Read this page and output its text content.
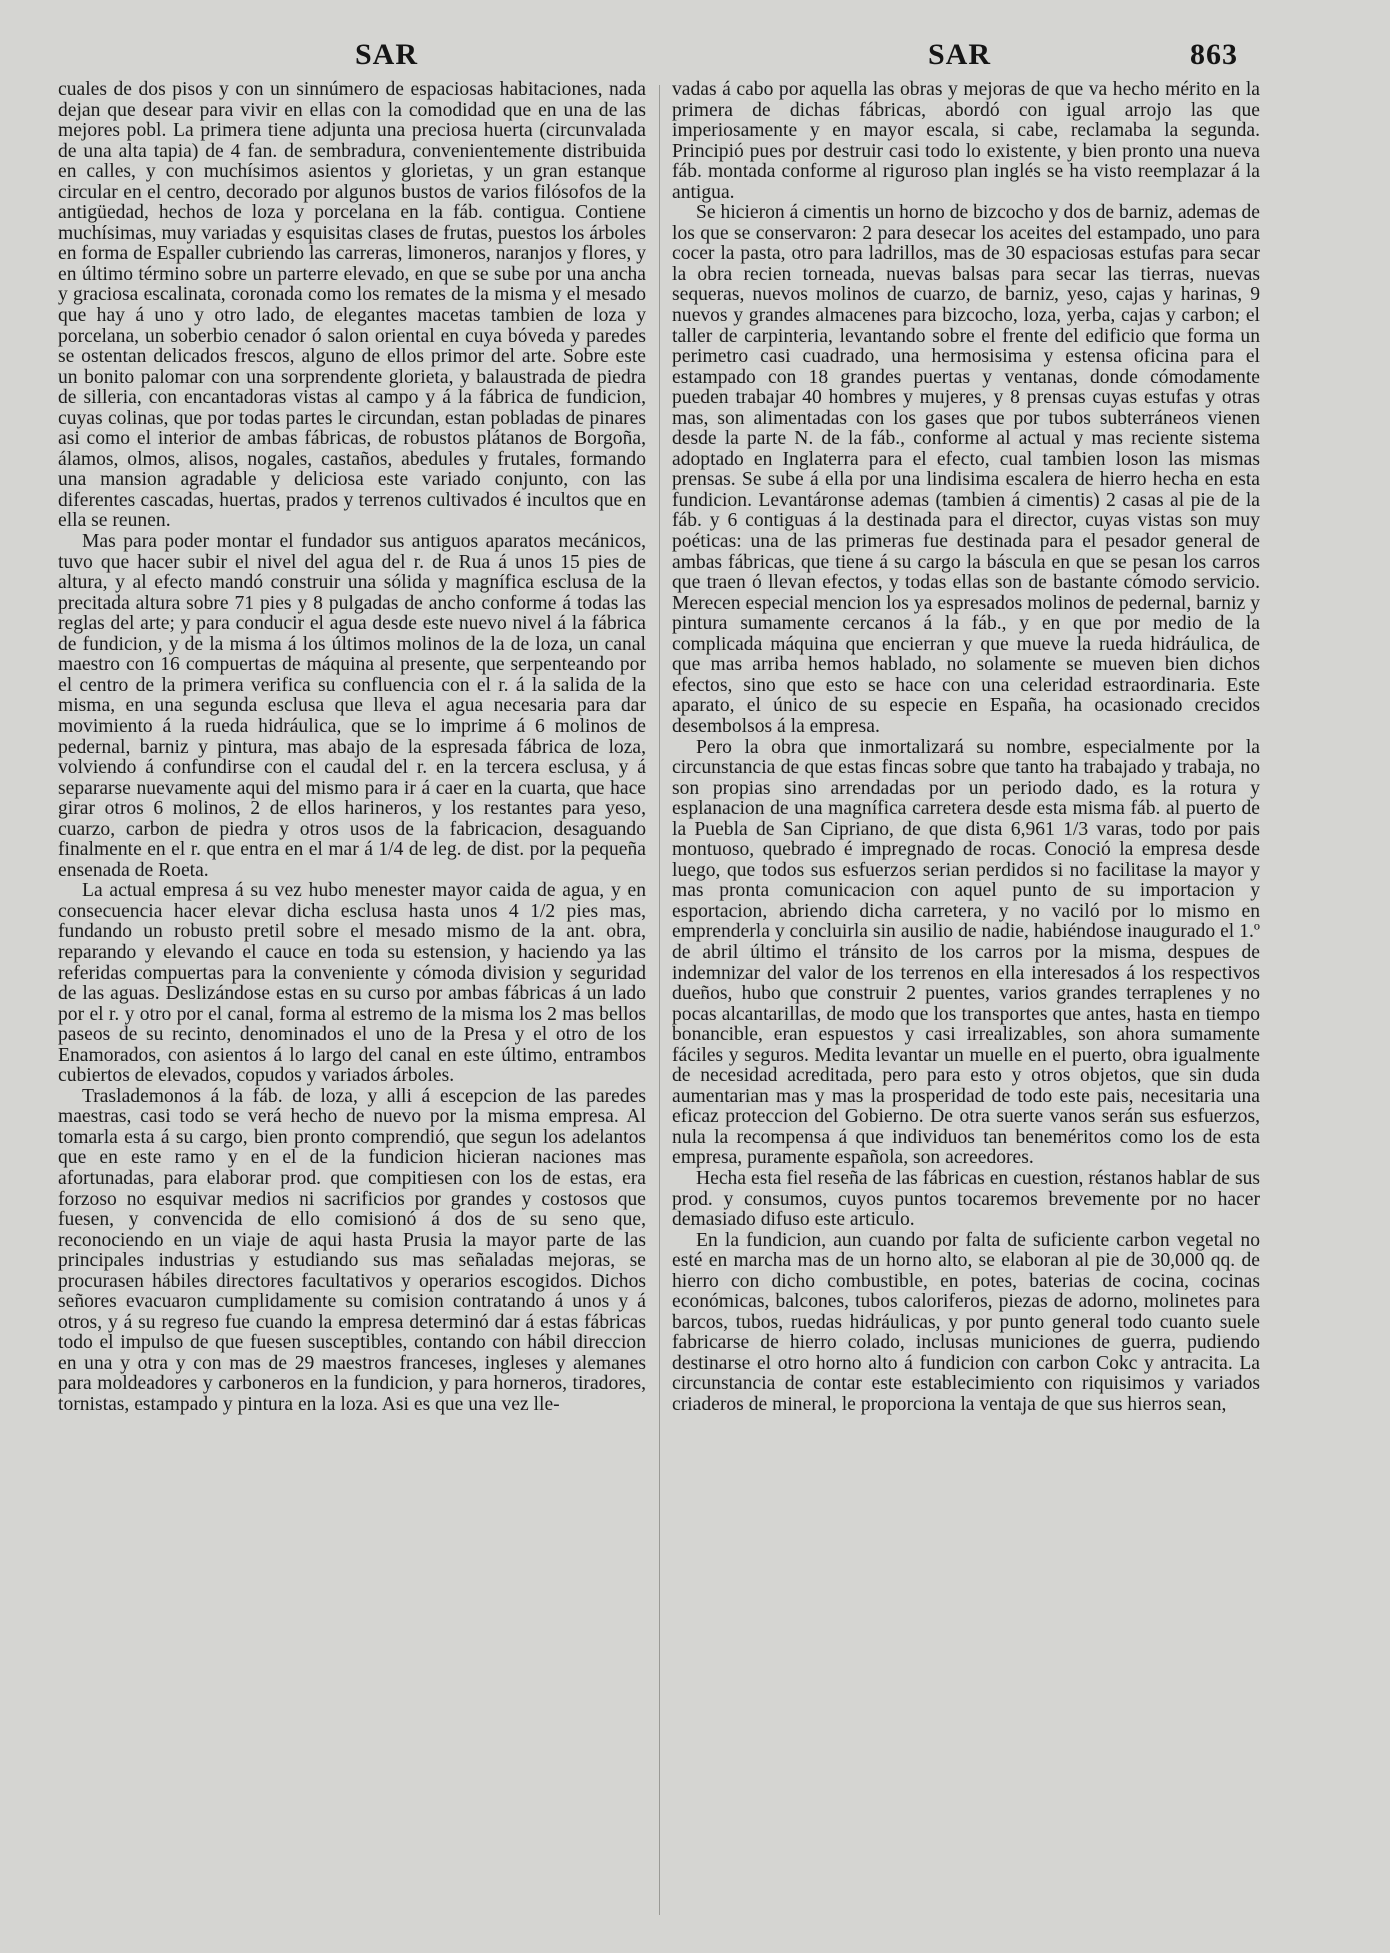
SAR	SAR	863

cuales de dos pisos y con un sinnúmero de espaciosas habitaciones, nada dejan que desear para vivir en ellas con la comodidad que en una de las mejores pobl. La primera tiene adjunta una preciosa huerta (circunvalada de una alta tapia) de 4 fan. de sembradura, convenientemente distribuida en calles, y con muchísimos asientos y glorietas, y un gran estanque circular en el centro, decorado por algunos bustos de varios filósofos de la antigüedad, hechos de loza y porcelana en la fáb. contigua. Contiene muchísimas, muy variadas y esquisitas clases de frutas, puestos los árboles en forma de Espaller cubriendo las carreras, limoneros, naranjos y flores, y en último término sobre un parterre elevado, en que se sube por una ancha y graciosa escalinata, coronada como los remates de la misma y el mesado que hay á uno y otro lado, de elegantes macetas tambien de loza y porcelana, un soberbio cenador ó salon oriental en cuya bóveda y paredes se ostentan delicados frescos, alguno de ellos primor del arte. Sobre este un bonito palomar con una sorprendente glorieta, y balaustrada de piedra de silleria, con encantadoras vistas al campo y á la fábrica de fundicion, cuyas colinas, que por todas partes le circundan, estan pobladas de pinares asi como el interior de ambas fábricas, de robustos plátanos de Borgoña, álamos, olmos, alisos, nogales, castaños, abedules y frutales, formando una mansion agradable y deliciosa este variado conjunto, con las diferentes cascadas, huertas, prados y terrenos cultivados é incultos que en ella se reunen.

Mas para poder montar el fundador sus antiguos aparatos mecánicos, tuvo que hacer subir el nivel del agua del r. de Rua á unos 15 pies de altura, y al efecto mandó construir una sólida y magnífica esclusa de la precitada altura sobre 71 pies y 8 pulgadas de ancho conforme á todas las reglas del arte; y para conducir el agua desde este nuevo nivel á la fábrica de fundicion, y de la misma á los últimos molinos de la de loza, un canal maestro con 16 compuertas de máquina al presente, que serpenteando por el centro de la primera verifica su confluencia con el r. á la salida de la misma, en una segunda esclusa que lleva el agua necesaria para dar movimiento á la rueda hidráulica, que se lo imprime á 6 molinos de pedernal, barniz y pintura, mas abajo de la espresada fábrica de loza, volviendo á confundirse con el caudal del r. en la tercera esclusa, y á separarse nuevamente aqui del mismo para ir á caer en la cuarta, que hace girar otros 6 molinos, 2 de ellos harineros, y los restantes para yeso, cuarzo, carbon de piedra y otros usos de la fabricacion, desaguando finalmente en el r. que entra en el mar á 1/4 de leg. de dist. por la pequeña ensenada de Roeta.

La actual empresa á su vez hubo menester mayor caida de agua, y en consecuencia hacer elevar dicha esclusa hasta unos 4 1/2 pies mas, fundando un robusto pretil sobre el mesado mismo de la ant. obra, reparando y elevando el cauce en toda su estension, y haciendo ya las referidas compuertas para la conveniente y cómoda division y seguridad de las aguas. Deslizándose estas en su curso por ambas fábricas á un lado por el r. y otro por el canal, forma al estremo de la misma los 2 mas bellos paseos de su recinto, denominados el uno de la Presa y el otro de los Enamorados, con asientos á lo largo del canal en este último, entrambos cubiertos de elevados, copudos y variados árboles.

Traslademonos á la fáb. de loza, y alli á escepcion de las paredes maestras, casi todo se verá hecho de nuevo por la misma empresa. Al tomarla esta á su cargo, bien pronto comprendió, que segun los adelantos que en este ramo y en el de la fundicion hicieran naciones mas afortunadas, para elaborar prod. que compitiesen con los de estas, era forzoso no esquivar medios ni sacrificios por grandes y costosos que fuesen, y convencida de ello comisionó á dos de su seno que, reconociendo en un viaje de aqui hasta Prusia la mayor parte de las principales industrias y estudiando sus mas señaladas mejoras, se procurasen hábiles directores facultativos y operarios escogidos. Dichos señores evacuaron cumplidamente su comision contratando á unos y á otros, y á su regreso fue cuando la empresa determinó dar á estas fábricas todo el impulso de que fuesen susceptibles, contando con hábil direccion en una y otra y con mas de 29 maestros franceses, ingleses y alemanes para moldeadores y carboneros en la fundicion, y para horneros, tiradores, tornistas, estampado y pintura en la loza. Asi es que una vez lle-

vadas á cabo por aquella las obras y mejoras de que va hecho mérito en la primera de dichas fábricas, abordó con igual arrojo las que imperiosamente y en mayor escala, si cabe, reclamaba la segunda. Principió pues por destruir casi todo lo existente, y bien pronto una nueva fáb. montada conforme al riguroso plan inglés se ha visto reemplazar á la antigua.

Se hicieron á cimentis un horno de bizcocho y dos de barniz, ademas de los que se conservaron: 2 para desecar los aceites del estampado, uno para cocer la pasta, otro para ladrillos, mas de 30 espaciosas estufas para secar la obra recien torneada, nuevas balsas para secar las tierras, nuevas sequeras, nuevos molinos de cuarzo, de barniz, yeso, cajas y harinas, 9 nuevos y grandes almacenes para bizcocho, loza, yerba, cajas y carbon; el taller de carpinteria, levantando sobre el frente del edificio que forma un perimetro casi cuadrado, una hermosisima y estensa oficina para el estampado con 18 grandes puertas y ventanas, donde cómodamente pueden trabajar 40 hombres y mujeres, y 8 prensas cuyas estufas y otras mas, son alimentadas con los gases que por tubos subterráneos vienen desde la parte N. de la fáb., conforme al actual y mas reciente sistema adoptado en Inglaterra para el efecto, cual tambien loson las mismas prensas. Se sube á ella por una lindisima escalera de hierro hecha en esta fundicion. Levantáronse ademas (tambien á cimentis) 2 casas al pie de la fáb. y 6 contiguas á la destinada para el director, cuyas vistas son muy poéticas: una de las primeras fue destinada para el pesador general de ambas fábricas, que tiene á su cargo la báscula en que se pesan los carros que traen ó llevan efectos, y todas ellas son de bastante cómodo servicio. Merecen especial mencion los ya espresados molinos de pedernal, barniz y pintura sumamente cercanos á la fáb., y en que por medio de la complicada máquina que encierran y que mueve la rueda hidráulica, de que mas arriba hemos hablado, no solamente se mueven bien dichos efectos, sino que esto se hace con una celeridad estraordinaria. Este aparato, el único de su especie en España, ha ocasionado crecidos desembolsos á la empresa.

Pero la obra que inmortalizará su nombre, especialmente por la circunstancia de que estas fincas sobre que tanto ha trabajado y trabaja, no son propias sino arrendadas por un periodo dado, es la rotura y esplanacion de una magnífica carretera desde esta misma fáb. al puerto de la Puebla de San Cipriano, de que dista 6,961 1/3 varas, todo por pais montuoso, quebrado é impregnado de rocas. Conoció la empresa desde luego, que todos sus esfuerzos serian perdidos si no facilitase la mayor y mas pronta comunicacion con aquel punto de su importacion y esportacion, abriendo dicha carretera, y no vaciló por lo mismo en emprenderla y concluirla sin ausilio de nadie, habiéndose inaugurado el 1.º de abril último el tránsito de los carros por la misma, despues de indemnizar del valor de los terrenos en ella interesados á los respectivos dueños, hubo que construir 2 puentes, varios grandes terraplenes y no pocas alcantarillas, de modo que los transportes que antes, hasta en tiempo bonancible, eran espuestos y casi irrealizables, son ahora sumamente fáciles y seguros. Medita levantar un muelle en el puerto, obra igualmente de necesidad acreditada, pero para esto y otros objetos, que sin duda aumentarian mas y mas la prosperidad de todo este pais, necesitaria una eficaz proteccion del Gobierno. De otra suerte vanos serán sus esfuerzos, nula la recompensa á que individuos tan beneméritos como los de esta empresa, puramente española, son acreedores.

Hecha esta fiel reseña de las fábricas en cuestion, réstanos hablar de sus prod. y consumos, cuyos puntos tocaremos brevemente por no hacer demasiado difuso este articulo.

En la fundicion, aun cuando por falta de suficiente carbon vegetal no esté en marcha mas de un horno alto, se elaboran al pie de 30,000 qq. de hierro con dicho combustible, en potes, baterias de cocina, cocinas económicas, balcones, tubos caloriferos, piezas de adorno, molinetes para barcos, tubos, ruedas hidráulicas, y por punto general todo cuanto suele fabricarse de hierro colado, inclusas municiones de guerra, pudiendo destinarse el otro horno alto á fundicion con carbon Cokc y antracita. La circunstancia de contar este establecimiento con riquisimos y variados criaderos de mineral, le proporciona la ventaja de que sus hierros sean,
